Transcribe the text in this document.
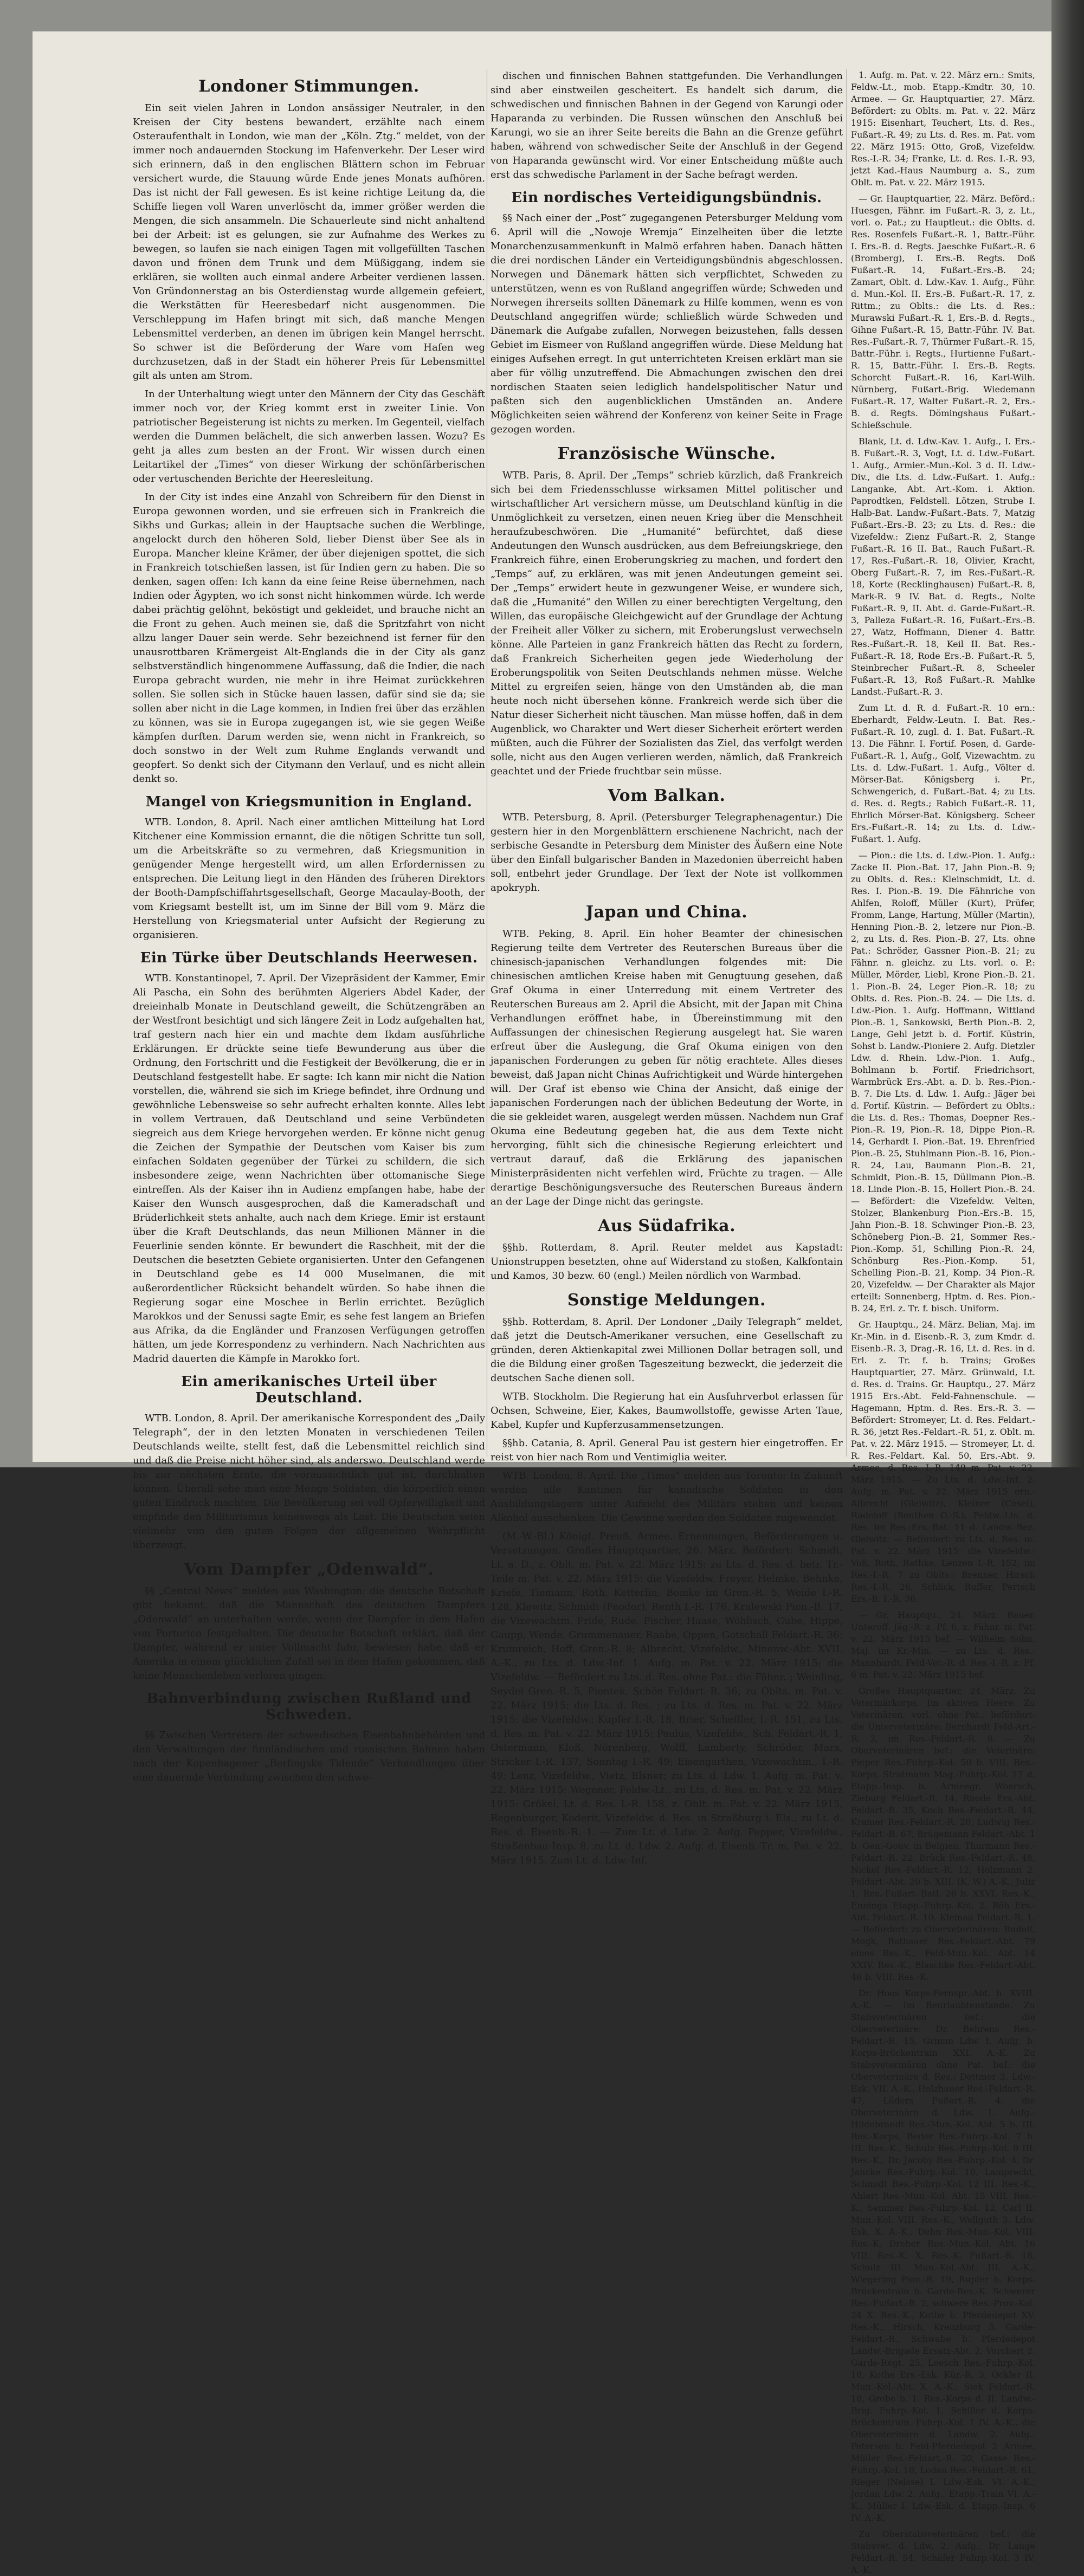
Londoner Stimmungen.

Ein seit vielen Jahren in London ansässiger Neutraler, in den Kreisen der City bestens bewandert, erzählte nach einem Osteraufenthalt in London, wie man der „Köln. Ztg.“ meldet, von der immer noch andauernden Stockung im Hafenverkehr. Der Leser wird sich erinnern, daß in den englischen Blättern schon im Februar versichert wurde, die Stauung würde Ende jenes Monats aufhören. Das ist nicht der Fall gewesen. Es ist keine richtige Leitung da, die Schiffe liegen voll Waren unverlöscht da, immer größer werden die Mengen, die sich ansammeln. Die Schauerleute sind nicht anhaltend bei der Arbeit: ist es gelungen, sie zur Aufnahme des Werkes zu bewegen, so laufen sie nach einigen Tagen mit vollgefüllten Taschen davon und frönen dem Trunk und dem Müßiggang, indem sie erklären, sie wollten auch einmal andere Arbeiter verdienen lassen. Von Gründonnerstag an bis Osterdienstag wurde allgemein gefeiert, die Werkstätten für Heeresbedarf nicht ausgenommen. Die Verschleppung im Hafen bringt mit sich, daß manche Mengen Lebensmittel verderben, an denen im übrigen kein Mangel herrscht. So schwer ist die Beförderung der Ware vom Hafen weg durchzusetzen, daß in der Stadt ein höherer Preis für Lebensmittel gilt als unten am Strom.

In der Unterhaltung wiegt unter den Männern der City das Geschäft immer noch vor, der Krieg kommt erst in zweiter Linie. Von patriotischer Begeisterung ist nichts zu merken. Im Gegenteil, vielfach werden die Dummen belächelt, die sich anwerben lassen. Wozu? Es geht ja alles zum besten an der Front. Wir wissen durch einen Leitartikel der „Times“ von dieser Wirkung der schönfärberischen oder vertuschenden Berichte der Heeresleitung.

In der City ist indes eine Anzahl von Schreibern für den Dienst in Europa gewonnen worden, und sie erfreuen sich in Frankreich die Sikhs und Gurkas; allein in der Hauptsache suchen die Werblinge, angelockt durch den höheren Sold, lieber Dienst über See als in Europa. Mancher kleine Krämer, der über diejenigen spottet, die sich in Frankreich totschießen lassen, ist für Indien gern zu haben. Die so denken, sagen offen: Ich kann da eine feine Reise übernehmen, nach Indien oder Ägypten, wo ich sonst nicht hinkommen würde. Ich werde dabei prächtig gelöhnt, beköstigt und gekleidet, und brauche nicht an die Front zu gehen. Auch meinen sie, daß die Spritzfahrt von nicht allzu langer Dauer sein werde. Sehr bezeichnend ist ferner für den unausrottbaren Krämergeist Alt-Englands die in der City als ganz selbstverständlich hingenommene Auffassung, daß die Indier, die nach Europa gebracht wurden, nie mehr in ihre Heimat zurückkehren sollen. Sie sollen sich in Stücke hauen lassen, dafür sind sie da; sie sollen aber nicht in die Lage kommen, in Indien frei über das erzählen zu können, was sie in Europa zugegangen ist, wie sie gegen Weiße kämpfen durften. Darum werden sie, wenn nicht in Frankreich, so doch sonstwo in der Welt zum Ruhme Englands verwandt und geopfert. So denkt sich der Citymann den Verlauf, und es nicht allein denkt so.

Mangel von Kriegsmunition in England.

WTB. London, 8. April. Nach einer amtlichen Mitteilung hat Lord Kitchener eine Kommission ernannt, die die nötigen Schritte tun soll, um die Arbeitskräfte so zu vermehren, daß Kriegsmunition in genügender Menge hergestellt wird, um allen Erfordernissen zu entsprechen. Die Leitung liegt in den Händen des früheren Direktors der Booth-Dampfschiffahrtsgesellschaft, George Macaulay-Booth, der vom Kriegsamt bestellt ist, um im Sinne der Bill vom 9. März die Herstellung von Kriegsmaterial unter Aufsicht der Regierung zu organisieren.

Ein Türke über Deutschlands Heerwesen.

WTB. Konstantinopel, 7. April. Der Vizepräsident der Kammer, Emir Ali Pascha, ein Sohn des berühmten Algeriers Abdel Kader, der dreieinhalb Monate in Deutschland geweilt, die Schützengräben an der Westfront besichtigt und sich längere Zeit in Lodz aufgehalten hat, traf gestern nach hier ein und machte dem Ikdam ausführliche Erklärungen. Er drückte seine tiefe Bewunderung aus über die Ordnung, den Fortschritt und die Festigkeit der Bevölkerung, die er in Deutschland festgestellt habe. Er sagte: Ich kann mir nicht die Nation vorstellen, die, während sie sich im Kriege befindet, ihre Ordnung und gewöhnliche Lebensweise so sehr aufrecht erhalten konnte. Alles lebt in vollem Vertrauen, daß Deutschland und seine Verbündeten siegreich aus dem Kriege hervorgehen werden. Er könne nicht genug die Zeichen der Sympathie der Deutschen vom Kaiser bis zum einfachen Soldaten gegenüber der Türkei zu schildern, die sich insbesondere zeige, wenn Nachrichten über ottomanische Siege eintreffen. Als der Kaiser ihn in Audienz empfangen habe, habe der Kaiser den Wunsch ausgesprochen, daß die Kameradschaft und Brüderlichkeit stets anhalte, auch nach dem Kriege. Emir ist erstaunt über die Kraft Deutschlands, das neun Millionen Männer in die Feuerlinie senden könnte. Er bewundert die Raschheit, mit der die Deutschen die besetzten Gebiete organisierten. Unter den Gefangenen in Deutschland gebe es 14 000 Muselmanen, die mit außerordentlicher Rücksicht behandelt würden. So habe ihnen die Regierung sogar eine Moschee in Berlin errichtet. Bezüglich Marokkos und der Senussi sagte Emir, es sehe fest langem an Briefen aus Afrika, da die Engländer und Franzosen Verfügungen getroffen hätten, um jede Korrespondenz zu verhindern. Nach Nachrichten aus Madrid dauerten die Kämpfe in Marokko fort.

Ein amerikanisches Urteil über Deutschland.

WTB. London, 8. April. Der amerikanische Korrespondent des „Daily Telegraph“, der in den letzten Monaten in verschiedenen Teilen Deutschlands weilte, stellt fest, daß die Lebensmittel reichlich sind und daß die Preise nicht höher sind, als anderswo. Deutschland werde bis zur nächsten Ernte, die voraussichtlich gut ist, durchhalten können. Überall sehe man eine Menge Soldaten, die körperlich einen guten Eindruck machten. Die Bevölkerung sei voll Opferwilligkeit und empfinde den Militarismus keineswegs als Last. Die Deutschen seien vielmehr von den guten Folgen der allgemeinen Wehrpflicht überzeugt.

Vom Dampfer „Odenwald“.

§§ „Central News“ melden aus Washington: die deutsche Botschaft gibt bekannt, daß die Mannschaft des deutschen Dampfers „Odenwald“ an unterhalten werde, wenn der Dampfer in dem Hafen von Portorico festgehalten. Die deutsche Botschaft erklärt, daß der Dampfer, während er unter Vollmacht fuhr, bewiesen habe, daß er Amerika in einem glücklichen Zufall sei in dem Hafen gekommen, daß keine Menschenleben verloren gingen.

Bahnverbindung zwischen Rußland und Schweden.

§§ Zwischen Vertretern der schwedischen Eisenbahnbehörden und den Verwaltungen der finnländischen und russischen Bahnen haben nach der Kopenhagener „Berlingske Tidende“ Verhandlungen über eine dauernde Verbindung zwischen den schwe-

dischen und finnischen Bahnen stattgefunden. Die Verhandlungen sind aber einstweilen gescheitert. Es handelt sich darum, die schwedischen und finnischen Bahnen in der Gegend von Karungi oder Haparanda zu verbinden. Die Russen wünschen den Anschluß bei Karungi, wo sie an ihrer Seite bereits die Bahn an die Grenze geführt haben, während von schwedischer Seite der Anschluß in der Gegend von Haparanda gewünscht wird. Vor einer Entscheidung müßte auch erst das schwedische Parlament in der Sache befragt werden.

Ein nordisches Verteidigungsbündnis.

§§ Nach einer der „Post“ zugegangenen Petersburger Meldung vom 6. April will die „Nowoje Wremja“ Einzelheiten über die letzte Monarchenzusammenkunft in Malmö erfahren haben. Danach hätten die drei nordischen Länder ein Verteidigungsbündnis abgeschlossen. Norwegen und Dänemark hätten sich verpflichtet, Schweden zu unterstützen, wenn es von Rußland angegriffen würde; Schweden und Norwegen ihrerseits sollten Dänemark zu Hilfe kommen, wenn es von Deutschland angegriffen würde; schließlich würde Schweden und Dänemark die Aufgabe zufallen, Norwegen beizustehen, falls dessen Gebiet im Eismeer von Rußland angegriffen würde. Diese Meldung hat einiges Aufsehen erregt. In gut unterrichteten Kreisen erklärt man sie aber für völlig unzutreffend. Die Abmachungen zwischen den drei nordischen Staaten seien lediglich handelspolitischer Natur und paßten sich den augenblicklichen Umständen an. Andere Möglichkeiten seien während der Konferenz von keiner Seite in Frage gezogen worden.

Französische Wünsche.

WTB. Paris, 8. April. Der „Temps“ schrieb kürzlich, daß Frankreich sich bei dem Friedensschlusse wirksamen Mittel politischer und wirtschaftlicher Art versichern müsse, um Deutschland künftig in die Unmöglichkeit zu versetzen, einen neuen Krieg über die Menschheit heraufzubeschwören. Die „Humanité“ befürchtet, daß diese Andeutungen den Wunsch ausdrücken, aus dem Befreiungskriege, den Frankreich führe, einen Eroberungskrieg zu machen, und fordert den „Temps“ auf, zu erklären, was mit jenen Andeutungen gemeint sei. Der „Temps“ erwidert heute in gezwungener Weise, er wundere sich, daß die „Humanité“ den Willen zu einer berechtigten Vergeltung, den Willen, das europäische Gleichgewicht auf der Grundlage der Achtung der Freiheit aller Völker zu sichern, mit Eroberungslust verwechseln könne. Alle Parteien in ganz Frankreich hätten das Recht zu fordern, daß Frankreich Sicherheiten gegen jede Wiederholung der Eroberungspolitik von Seiten Deutschlands nehmen müsse. Welche Mittel zu ergreifen seien, hänge von den Umständen ab, die man heute noch nicht übersehen könne. Frankreich werde sich über die Natur dieser Sicherheit nicht täuschen. Man müsse hoffen, daß in dem Augenblick, wo Charakter und Wert dieser Sicherheit erörtert werden müßten, auch die Führer der Sozialisten das Ziel, das verfolgt werden solle, nicht aus den Augen verlieren werden, nämlich, daß Frankreich geachtet und der Friede fruchtbar sein müsse.

Vom Balkan.

WTB. Petersburg, 8. April. (Petersburger Telegraphenagentur.) Die gestern hier in den Morgenblättern erschienene Nachricht, nach der serbische Gesandte in Petersburg dem Minister des Äußern eine Note über den Einfall bulgarischer Banden in Mazedonien überreicht haben soll, entbehrt jeder Grundlage. Der Text der Note ist vollkommen apokryph.

Japan und China.

WTB. Peking, 8. April. Ein hoher Beamter der chinesischen Regierung teilte dem Vertreter des Reuterschen Bureaus über die chinesisch-japanischen Verhandlungen folgendes mit: Die chinesischen amtlichen Kreise haben mit Genugtuung gesehen, daß Graf Okuma in einer Unterredung mit einem Vertreter des Reuterschen Bureaus am 2. April die Absicht, mit der Japan mit China Verhandlungen eröffnet habe, in Übereinstimmung mit den Auffassungen der chinesischen Regierung ausgelegt hat. Sie waren erfreut über die Auslegung, die Graf Okuma einigen von den japanischen Forderungen zu geben für nötig erachtete. Alles dieses beweist, daß Japan nicht Chinas Aufrichtigkeit und Würde hintergehen will. Der Graf ist ebenso wie China der Ansicht, daß einige der japanischen Forderungen nach der üblichen Bedeutung der Worte, in die sie gekleidet waren, ausgelegt werden müssen. Nachdem nun Graf Okuma eine Bedeutung gegeben hat, die aus dem Texte nicht hervorging, fühlt sich die chinesische Regierung erleichtert und vertraut darauf, daß die Erklärung des japanischen Ministerpräsidenten nicht verfehlen wird, Früchte zu tragen. — Alle derartige Beschönigungsversuche des Reuterschen Bureaus ändern an der Lage der Dinge nicht das geringste.

Aus Südafrika.

§§hb. Rotterdam, 8. April. Reuter meldet aus Kapstadt: Unionstruppen besetzten, ohne auf Widerstand zu stoßen, Kalkfontain und Kamos, 30 bezw. 60 (engl.) Meilen nördlich von Warmbad.

Sonstige Meldungen.

§§hb. Rotterdam, 8. April. Der Londoner „Daily Telegraph“ meldet, daß jetzt die Deutsch-Amerikaner versuchen, eine Gesellschaft zu gründen, deren Aktienkapital zwei Millionen Dollar betragen soll, und die die Bildung einer großen Tageszeitung bezweckt, die jederzeit die deutschen Sache dienen soll.

WTB. Stockholm. Die Regierung hat ein Ausfuhrverbot erlassen für Ochsen, Schweine, Eier, Kakes, Baumwollstoffe, gewisse Arten Taue, Kabel, Kupfer und Kupferzusammensetzungen.

§§hb. Catania, 8. April. General Pau ist gestern hier eingetroffen. Er reist von hier nach Rom und Ventimiglia weiter.

WTB. London, 8. April. Die „Times“ melden aus Toronto: In Zukunft werden alle Kantinen für kanadische Soldaten in den Ausbildungslagern unter Aufsicht des Militärs stehen und keinen Alkohol ausschenken. Die Gewinne werden den Soldaten zugewendet.

(M.-W.-Bl.) Königl. Preuß. Armee. Ernennungen, Beförderungen u. Versetzungen. Großes Hauptquartier, 26. März. Befördert: Schmidt, Lt. a. D., z. Oblt. m. Pat. v. 22. März 1915; zu Lts. d. Res. d. betr. Tr.-Teile m. Pat. v. 22. März 1915: die Vizefeldw. Freyer, Helmke, Behnke, Kriefe, Tiemann, Roth, Ketterlin, Bomke im Gren.-R. 5, Weide I.-R. 128, Klewitz, Schmidt (Feodor), Renth I.-R. 176, Kralewski Pion.-B. 17, die Vizewachtm. Fride, Rude, Fischer, Haase, Wöhlisch, Gube, Hippe, Gaupp, Wende, Grummenauer, Raabe, Oppen, Gotschall Feldart.-R. 36; Krumreich, Hoff, Gren.-R. 8; Albrecht, Vizefeldw., Minenw.-Abt. XVII. A.-K., zu Lts. d. Ldw.-Inf. 1. Aufg. m. Pat. v. 22. März 1915: die Vizefeldw. — Befördert zu Lts. d. Res. ohne Pat.: die Fähnr. ; Weinling, Seydel Gren.-R. 5, Piontek, Schön Feldart.-R. 36; zu Oblts. m. Pat. v. 22. März 1915: die Lts. d. Res. ; zu Lts. d. Res. m. Pat. v. 22. März 1915: die Vizefeldw.; Kupfer I.-R. 18, Brier, Scheffler, I.-R. 151, zu Lts. d. Res. m. Pat. v. 22. März 1915: Paulus, Vizefeldw., Sch. Feldart.-R. 1, Ostermann, Kloß, Nörenberg, Wolff, Lamberty, Schröder, Marx, Stricker I.-R. 137, Sonntag I.-R. 49; Eisengarthen, Vizewachtm., I.-R. 49; Lenz, Vizefeldw., Vietz, Elsner; zu Lts. d. Ldw. 1. Aufg. m. Pat. v. 22. März 1915: Wegener, Feldw.-Lt., zu Lts. d. Res. m. Pat. v. 22. März 1915: Grökel, Lt. d. Res. I.-R. 158, z. Oblt. m. Pat. v. 22. März 1915, Regenburger, Koderit, Vizefeldw. d. Res. in Straßburg i. Els., zu Lt. d. Res. d. Eisenb.-R. 1. — Zum Lt. d. Ldw. 2. Aufg. Pepper, Vizefeldw., Straßenbau-Insp. 8, zu Lt. d. Ldw. 2. Aufg. d. Eisenb.-Tr. m. Pat. v. 22. März 1915. Zum Lt. d. Ldw.-Inf.

1. Aufg. m. Pat. v. 22. März ern.: Smits, Feldw.-Lt., mob. Etapp.-Kmdtr. 30, 10. Armee. — Gr. Hauptquartier, 27. März. Befördert: zu Oblts. m. Pat. v. 22. März 1915: Eisenhart, Teuchert, Lts. d. Res., Fußart.-R. 49; zu Lts. d. Res. m. Pat. vom 22. März 1915: Otto, Groß, Vizefeldw. Res.-I.-R. 34; Franke, Lt. d. Res. I.-R. 93, jetzt Kad.-Haus Naumburg a. S., zum Oblt. m. Pat. v. 22. März 1915.

— Gr. Hauptquartier, 22. März. Beförd.: Huesgen, Fähnr. im Fußart.-R. 3, z. Lt., vorl. o. Pat.; zu Hauptleut.: die Oblts. d. Res. Rosenfels Fußart.-R. 1, Battr.-Führ. I. Ers.-B. d. Regts. Jaeschke Fußart.-R. 6 (Bromberg), I. Ers.-B. Regts. Doß Fußart.-R. 14, Fußart.-Ers.-B. 24; Zamart, Oblt. d. Ldw.-Kav. 1. Aufg., Führ. d. Mun.-Kol. II. Ers.-B. Fußart.-R. 17, z. Rittm.; zu Oblts.: die Lts. d. Res.: Murawski Fußart.-R. 1, Ers.-B. d. Regts., Gihne Fußart.-R. 15, Battr.-Führ. IV. Bat. Res.-Fußart.-R. 7, Thürmer Fußart.-R. 15, Battr.-Führ. i. Regts., Hurtienne Fußart.-R. 15, Battr.-Führ. I. Ers.-B. Regts. Schorcht Fußart.-R. 16, Karl-Wilh. Nürnberg, Fußart.-Brig. Wiedemann Fußart.-R. 17, Walter Fußart.-R. 2, Ers.-B. d. Regts. Dömingshaus Fußart.-Schießschule.

Blank, Lt. d. Ldw.-Kav. 1. Aufg., I. Ers.-B. Fußart.-R. 3, Vogt, Lt. d. Ldw.-Fußart. 1. Aufg., Armier.-Mun.-Kol. 3 d. II. Ldw.-Div., die Lts. d. Ldw.-Fußart. 1. Aufg.: Langanke, Abt. Art.-Kom. i. Aktion. Paprodtken, Feldstell. Lötzen, Strube I. Halb-Bat. Landw.-Fußart.-Bats. 7, Matzig Fußart.-Ers.-B. 23; zu Lts. d. Res.: die Vizefeldw.: Zienz Fußart.-R. 2, Stange Fußart.-R. 16 II. Bat., Rauch Fußart.-R. 17, Res.-Fußart.-R. 18, Olivier, Kracht, Oberg Fußart.-R. 7, im Res.-Fußart.-R. 18, Korte (Recklinghausen) Fußart.-R. 8, Mark-R. 9 IV. Bat. d. Regts., Nolte Fußart.-R. 9, II. Abt. d. Garde-Fußart.-R. 3, Palleza Fußart.-R. 16, Fußart.-Ers.-B. 27, Watz, Hoffmann, Diener 4. Battr. Res.-Fußart.-R. 18, Keil II. Bat. Res.-Fußart.-R. 18, Rode Ers.-B. Fußart.-R. 5, Steinbrecher Fußart.-R. 8, Scheeler Fußart.-R. 13, Roß Fußart.-R. Mahlke Landst.-Fußart.-R. 3.

Zum Lt. d. R. d. Fußart.-R. 10 ern.: Eberhardt, Feldw.-Leutn. I. Bat. Res.-Fußart.-R. 10, zugl. d. 1. Bat. Fußart.-R. 13. Die Fähnr. I. Fortif. Posen, d. Garde-Fußart.-R. 1, Aufg., Golf, Vizewachtm. zu Lts. d. Ldw.-Fußart. 1. Aufg., Völter d. Mörser-Bat. Königsberg i. Pr., Schwengerich, d. Fußart.-Bat. 4; zu Lts. d. Res. d. Regts.; Rabich Fußart.-R. 11, Ehrlich Mörser-Bat. Königsberg. Scheer Ers.-Fußart.-R. 14; zu Lts. d. Ldw.-Fußart. 1. Aufg.

— Pion.: die Lts. d. Ldw.-Pion. 1. Aufg.: Zacke II. Pion.-Bat. 17, Jahn Pion.-B. 9; zu Oblts. d. Res.: Kleinschmidt, Lt. d. Res. I. Pion.-B. 19. Die Fähnriche von Ahlfen, Roloff, Müller (Kurt), Prüfer, Fromm, Lange, Hartung, Müller (Martin), Henning Pion.-B. 2, letzere nur Pion.-B. 2, zu Lts. d. Res. Pion.-B. 27, Lts. ohne Pat.: Schröder, Gassner Pion.-B. 21; zu Fähnr. n. gleichz. zu Lts. vorl. o. P.: Müller, Mörder, Liebl, Krone Pion.-B. 21. 1. Pion.-B. 24, Leger Pion.-R. 18; zu Oblts. d. Res. Pion.-B. 24. — Die Lts. d. Ldw.-Pion. 1. Aufg. Hoffmann, Wittland Pion.-B. 1, Sankowski, Berth Pion.-B. 2, Lange, Gehl jetzt b. d. Fortif. Küstrin, Sohst b. Landw.-Pioniere 2. Aufg. Dietzler Ldw. d. Rhein. Ldw.-Pion. 1. Aufg., Bohlmann b. Fortif. Friedrichsort, Warmbrück Ers.-Abt. a. D. b. Res.-Pion.-B. 7. Die Lts. d. Ldw. 1. Aufg.: Jäger bei d. Fortif. Küstrin. — Befördert zu Oblts.: die Lts. d. Res.: Thomas, Doepner Res.-Pion.-R. 19, Pion.-R. 18, Dippe Pion.-R. 14, Gerhardt I. Pion.-Bat. 19. Ehrenfried Pion.-B. 25, Stuhlmann Pion.-B. 16, Pion.-R. 24, Lau, Baumann Pion.-B. 21, Schmidt, Pion.-B. 15, Düllmann Pion.-B. 18. Linde Pion.-B. 15, Hollert Pion.-B. 24. — Befördert: die Vizefeldw. Velten, Stolzer, Blankenburg Pion.-Ers.-B. 15, Jahn Pion.-B. 18. Schwinger Pion.-B. 23, Schöneberg Pion.-B. 21, Sommer Res.-Pion.-Komp. 51, Schilling Pion.-R. 24, Schönburg Res.-Pion.-Komp. 51, Schelling Pion.-B. 21, Komp. 34 Pion.-R. 20, Vizefeldw. — Der Charakter als Major erteilt: Sonnenberg, Hptm. d. Res. Pion.-B. 24, Erl. z. Tr. f. bisch. Uniform.

Gr. Hauptqu., 24. März. Belian, Maj. im Kr.-Min. in d. Eisenb.-R. 3, zum Kmdr. d. Eisenb.-R. 3, Drag.-R. 16, Lt. d. Res. in d. Erl. z. Tr. f. b. Trains; Großes Hauptquartier, 27. März. Grünwald, Lt. d. Res. d. Trains. Gr. Hauptqu., 27. März 1915 Ers.-Abt. Feld-Fahnenschule. — Hagemann, Hptm. d. Res. Ers.-R. 3. — Befördert: Stromeyer, Lt. d. Res. Feldart.-R. 36, jetzt Res.-Feldart.-R. 51, z. Oblt. m. Pat. v. 22. März 1915. — Stromeyer, Lt. d. R. Res.-Feldart. Kal. 50, Ers.-Abt. 9. Armee, d. Res. I.-R. 149 m. Pat. v. 22. März 1915. — Zu Lts. d. Ldw.-Inf. 2. Aufg. m. Pat. v. 22. März 1915 ern.: Albrecht (Gleiwitz), Kleiner (Cosel), Radeloff (Beuthen O.-S.), Feldw.-Lts. d. Res. im Res.-Ers.-Bat. 11 d. Landw.-Bez. Gleiwitz. — Befördert: zu Lts. d. Res. m. Pat. v. 22. März 1915: die Vizefeldw.: Voß, Roth, Rathke, Lenzen I.-R. 152, im Res.-I.-R. 7 zu Oblts.: Brenner, Hirsch Res.-I.-R. 26, Schlick, Ruffer, Pertsch Ers.-B. I.-R. 36.

— Gr. Hauptqu., 24. März. Bauer, Unteroff. Jäg.-R. z. Pf. 6, z. Fähnr. m. Pat. v. 22. März 1915 bef. — Wilhelm Sohn, Maj. im Kr.-Min. — zu Lts. d. Res.: Mannhardt, Feld-Vet.-R. d. Res.-I.-R. z. Pf. 6 m. Pat. v. 22. März 1915 bef.

Großes Hauptquartier, 24. März. Zu Veterinärkorps. Im aktiven Heere. Zu Veterinären, vorl. ohne Pat., befördert: die Unterveterinäre: Bernhardt Feld-Art.-R. 2, im Res.-Feldart.-R. 8. — Zu Oberveterinären bef.: die Veterinäre: Pieper Res.-Fuhrp.-Kol. 50 b. VIII. Res.-Korps, Stratmann Mag.-Fuhrp.-Kol. 17 d. Etapp.-Insp. b. Armeegr. Woersch, Zieburg Feldart.-R. 14, Rhode Ers.-Abt. Feldart.-R. 35, Koch Res.-Feldart.-R. 44, Kramer Res.-Feldart.-R. 20, Ludwig Res.-Feldart.-R. 67, Brügemann Feldart.-Abt. 1 b. Gen.-Gouv. in Belgien, Thurmann Res.-Feldart.-R. 22, Brück Res.-Feldart.-R. 48, Nickel Res.-Feldart.-R. 12, Holzmann 2. Feldart.-Abt. 20 b. XIII. (K. W.) A.-K., Juliz 1, Res.-Fußart.-Batl. 26 b. XXVI. Res.-K., Enninga Etapp.-Fuhrp.-Kol. 2, Röh Ers.-Abt. Feldart.-R. 10, Kleinau Feldart.-R. 1. — Befördert: zu Oberveterinären: Rudolf, Mogk, Bathauer Res.-Feldart.-Abt. 79 eines Res.-K., Feld-Mun.-Kol. Abt. 14 XXIV. Res.-K., Blaschke Res.-Feldart.-Abt. 46 b. VIII. Res.-K.

Dr. Hoos Korps-Fernspr.-Abt. b. XVIII. A.-K. — Im Beurlaubtenstande. Zu Stabsveterinären bef.: die Oberveterinäre: Dr. Behrens Res.-Feldart.-R. 15, Grimm Ldw. I. Aufg. b. Korps-Brückentrain XXI. A.-K. Zu Stabsveterinären ohne Pat. bef.: die Oberveterinäre d. Res.: Dettmer 3. Ldw.-Esk. VII. A.-K., Holzhauer Res.-Feldart.-R. 47, Lüders Fußart.-R. 4, die Oberveterinäre d. Ldw. 1. Aufg.: Hildebrandt Res.-Mun.-Kol. Abt. 5 b. III. Res.-Korps, Beder Res.-Fuhrp.-Kol. 7 b. III. Res.-K., Schulz Res.-Fuhrp.-Kol. 9 III. Res.-K., Dr. Jacoby Res.-Fuhrp.-Kol. 4, Dr. Jancke Res.-Fuhrp.-Kol. 10, Lamprecht, Schmidt Res.-Fuhrp.-Kol. 12 III. Res.-K., Ahlert Res.-Mun.-Kol. Abt. 15 VIII. Res.-K., Semmer Res.-Fuhrp.-Kol. 12, Carl II. Mun.-Kol. VIII. Res.-K., Wellguth 3. Ldw. Esk. X. A.-K., Dehn Res.-Mun.-Kol. VIII. Res.-K. Dreher Res.-Mun.-Kol. Abt. 16 VIII. Res.-K. X. Res.-K. Fußart.-R. 18, Schulz III. Mun.-Kol.-Abt. III. A.-K., Wiegering Pion.-R. 19, Rupfer b. Korps-Brückentrain b. Garde-Res.-K. Schwerer Res.-Fußart.-R. 2, schwere Res.-Prov.-Kol. 24 X. Res.-K., Kothe b. Pferdedepot XV. Res.-K., Hirsch, Kreuzburg 5. Garde-Feldart.-R., Schwabe b. Pferdedepot Landw.-Brigade Ersatz-Abt. 2, Vorchert 2. Garde-Regt. 25, Loesch Res.-Fuhrp.-Kol. 10, Kothe Ers.-Esk. Kür.-R. 3, Ockler II. Mun.-Kol.-Abt. X. A.-K., Siek Feldart.-R. 18, Grobe b. 1. Res.-Korps d. II. Landw.-Brig. Fuhrp.-Kol. 1, Schiller d. Korps-Brückentrain. Fuhrp.-Kol. 1 IV. A.-K., die Oberveterinäre d. Landw. 2. Aufg.: Petersen b. Feld-Pferdedepot 2 Armee, Müller Res.-Feldart.-R. 20, Gasse Res.-Fuhrp.-Kol. 10, Lodau Res.-Feldart.-R. 61, Rieger (Neisse) I. Ldw.-Esk. VI. A.-K., Jordan Ldw. 2. Aufg., Etapp.-Train VI. A.-K., Müller I. Ldw.-Esk. d. Etapp.-Insp. 6 IV. A.-K.

Zu Oberstabsveterinären bef.: die Stabsvet. d. Ldw. 2. Aufg.: Dr. Lange Feldart.-R. 54, Schäfer Fuhrp.-Kol. 3 IV. A.-K.
